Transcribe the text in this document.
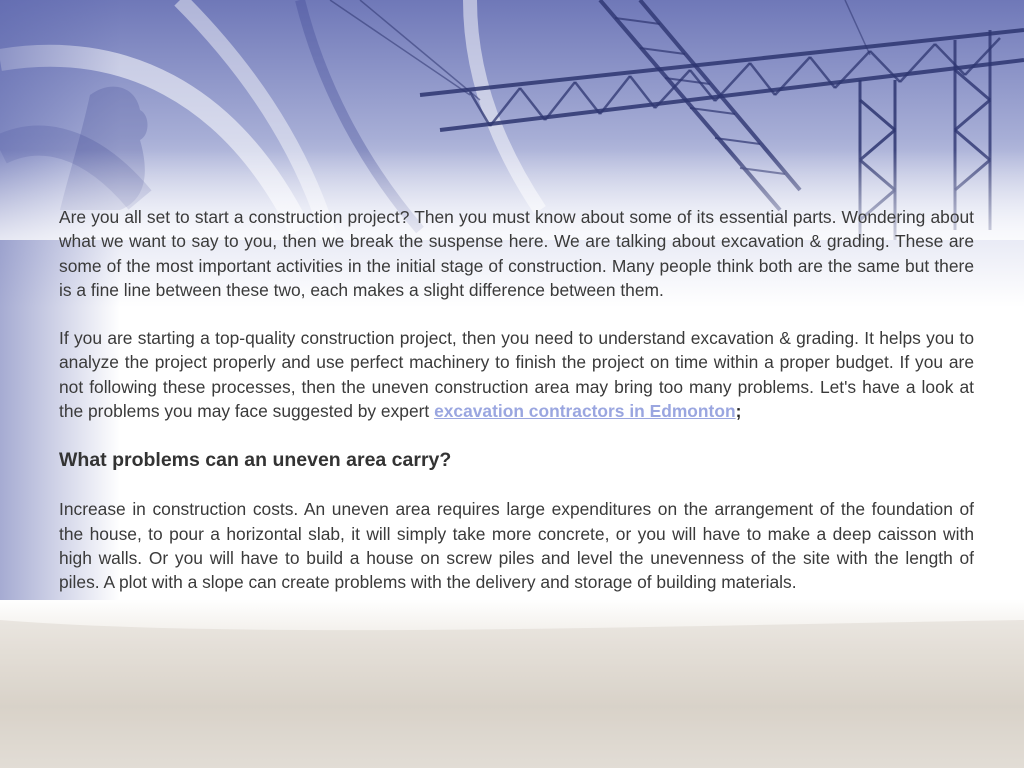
Are you all set to start a construction project? Then you must know about some of its essential parts. Wondering about what we want to say to you, then we break the suspense here. We are talking about excavation & grading. These are some of the most important activities in the initial stage of construction. Many people think both are the same but there is a fine line between these two, each makes a slight difference between them.

If you are starting a top-quality construction project, then you need to understand excavation & grading. It helps you to analyze the project properly and use perfect machinery to finish the project on time within a proper budget. If you are not following these processes, then the uneven construction area may bring too many problems. Let's have a look at the problems you may face suggested by expert excavation contractors in Edmonton;

What problems can an uneven area carry?

Increase in construction costs. An uneven area requires large expenditures on the arrangement of the foundation of the house, to pour a horizontal slab, it will simply take more concrete, or you will have to make a deep caisson with high walls. Or you will have to build a house on screw piles and level the unevenness of the site with the length of piles. A plot with a slope can create problems with the delivery and storage of building materials.
